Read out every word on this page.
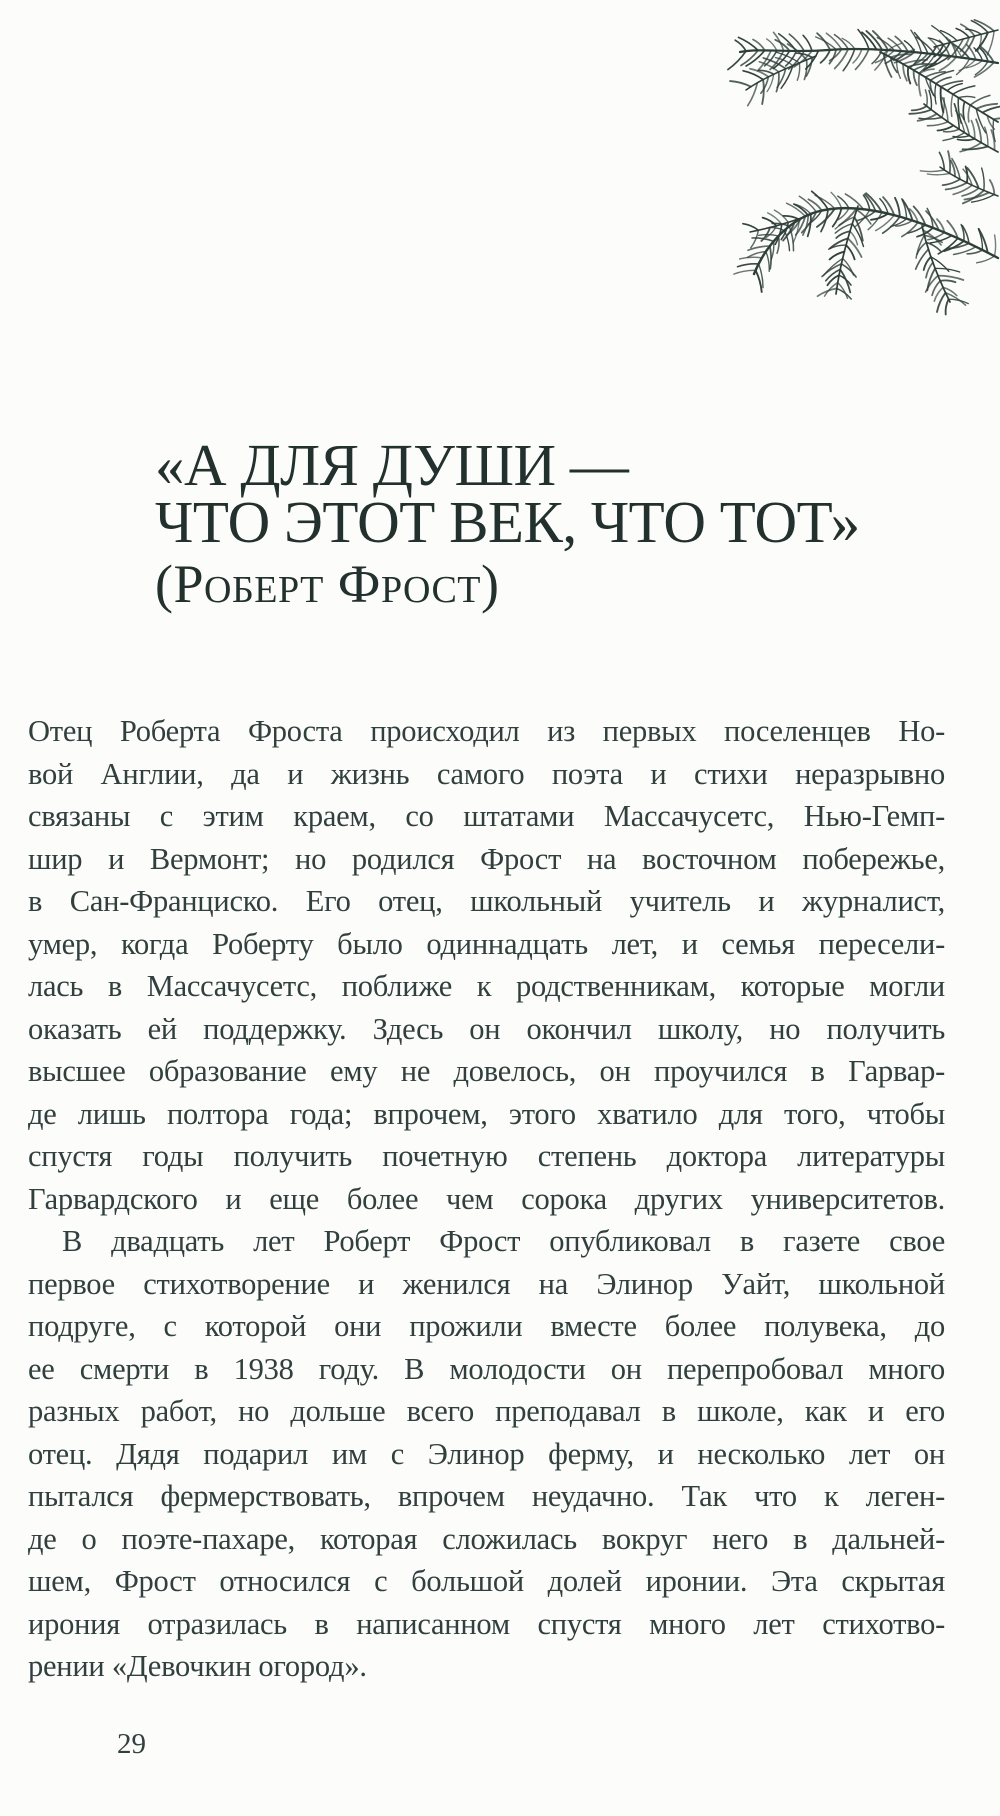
«А ДЛЯ ДУШИ —
ЧТО ЭТОТ ВЕК, ЧТО ТОТ»
(Роберт Фрост)
Отец Роберта Фроста происходил из первых поселенцев Но-
вой Англии, да и жизнь самого поэта и стихи неразрывно
связаны с этим краем, со штатами Массачусетс, Нью-Гемп-
шир и Вермонт; но родился Фрост на восточном побережье,
в Сан-Франциско. Его отец, школьный учитель и журналист,
умер, когда Роберту было одиннадцать лет, и семья пересели-
лась в Массачусетс, поближе к родственникам, которые могли
оказать ей поддержку. Здесь он окончил школу, но получить
высшее образование ему не довелось, он проучился в Гарвар-
де лишь полтора года; впрочем, этого хватило для того, чтобы
спустя годы получить почетную степень доктора литературы
Гарвардского и еще более чем сорока других университетов.
В двадцать лет Роберт Фрост опубликовал в газете свое
первое стихотворение и женился на Элинор Уайт, школьной
подруге, с которой они прожили вместе более полувека, до
ее смерти в 1938 году. В молодости он перепробовал много
разных работ, но дольше всего преподавал в школе, как и его
отец. Дядя подарил им с Элинор ферму, и несколько лет он
пытался фермерствовать, впрочем неудачно. Так что к леген-
де о поэте-пахаре, которая сложилась вокруг него в дальней-
шем, Фрост относился с большой долей иронии. Эта скрытая
ирония отразилась в написанном спустя много лет стихотво-
рении «Девочкин огород».
29
